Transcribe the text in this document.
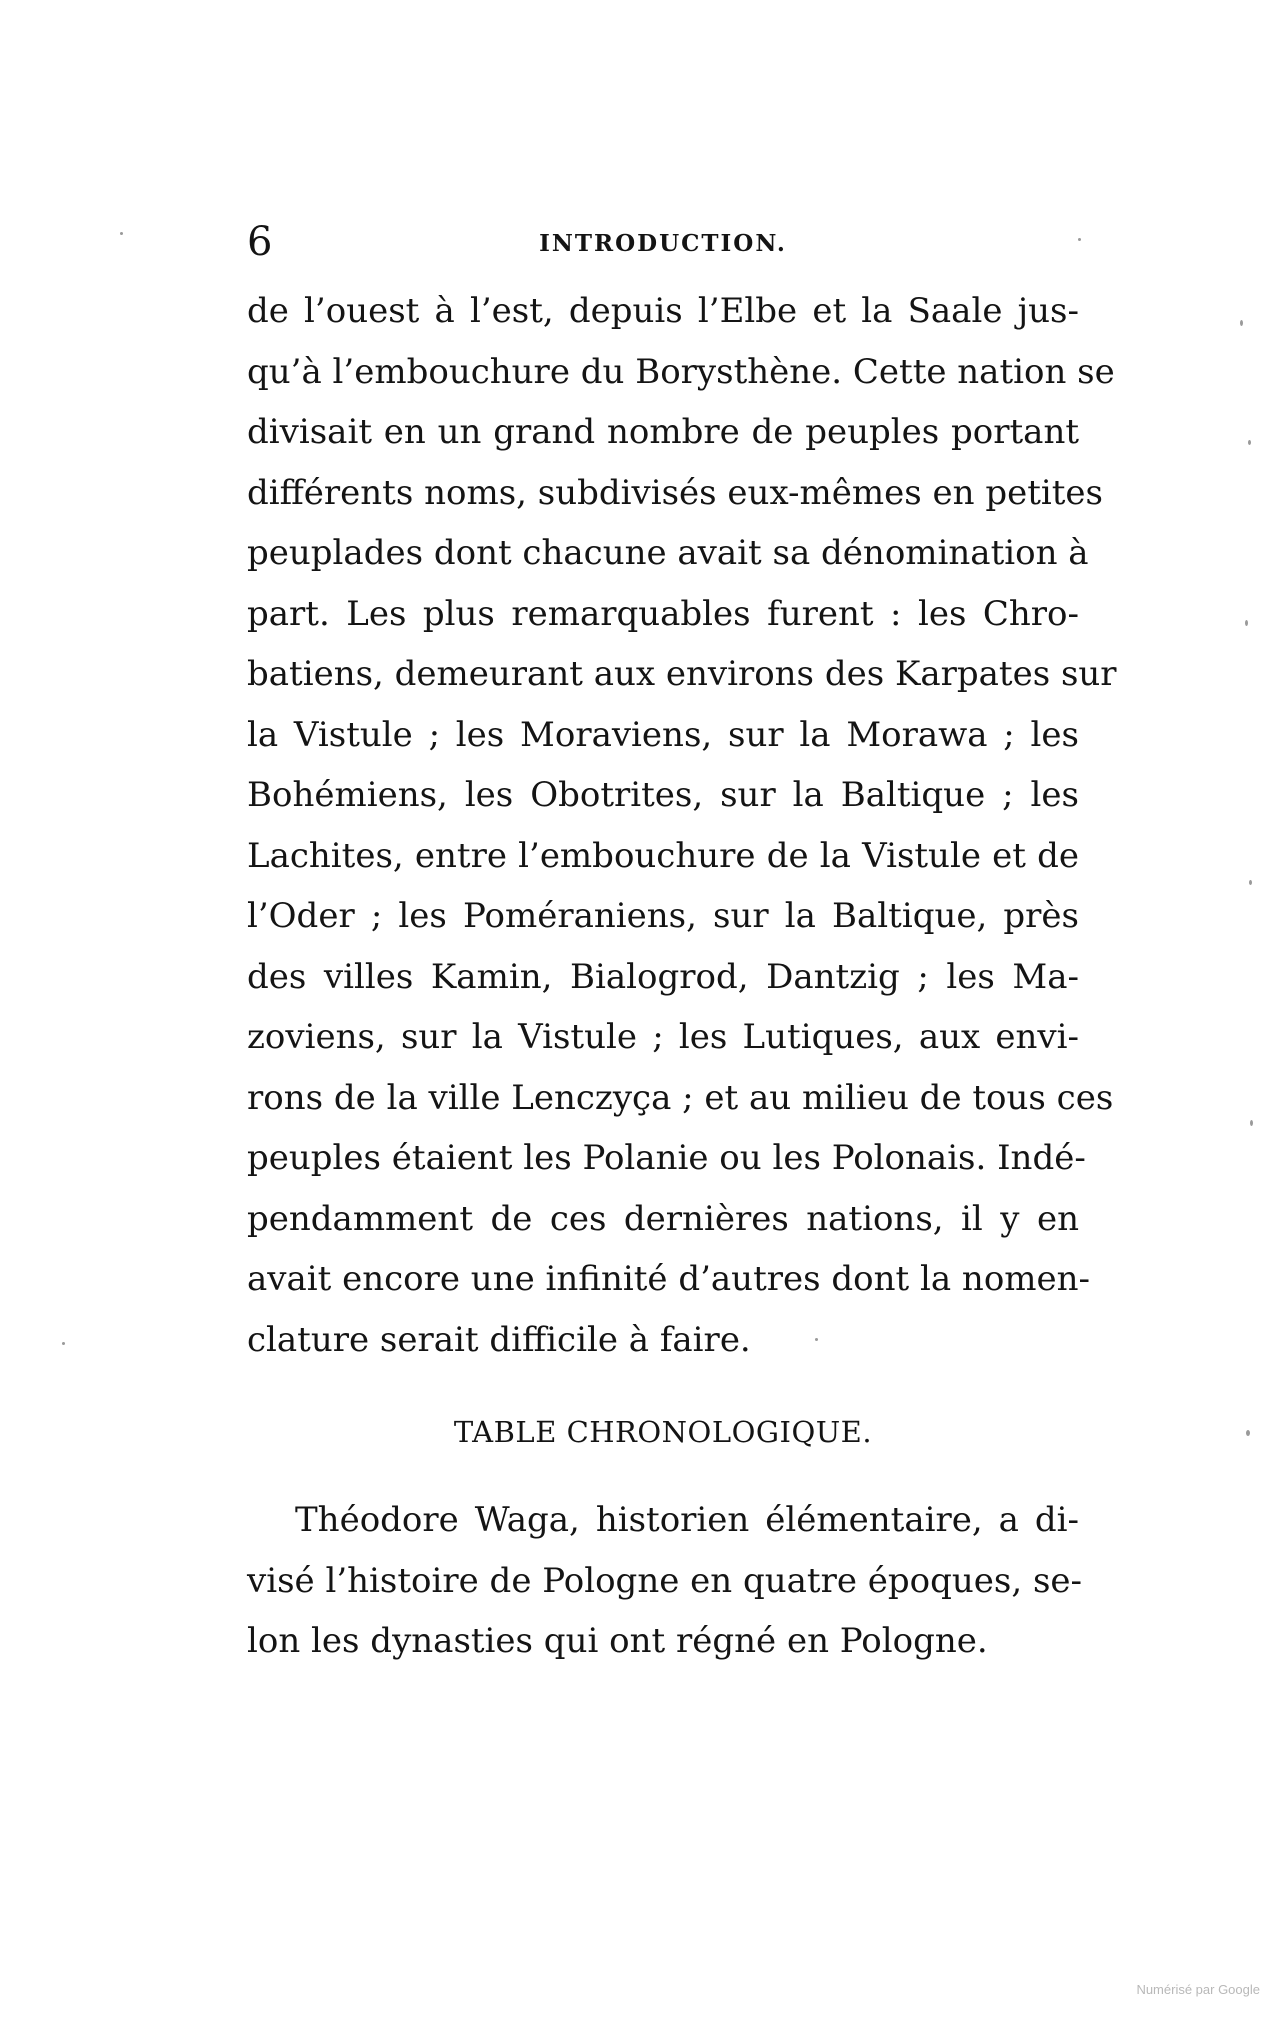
6	INTRODUCTION.
de l’ouest à l’est, depuis l’Elbe et la Saale jus-
qu’à l’embouchure du Borysthène. Cette nation se
divisait en un grand nombre de peuples portant
différents noms, subdivisés eux-mêmes en petites
peuplades dont chacune avait sa dénomination à
part. Les plus remarquables furent : les Chro-
batiens, demeurant aux environs des Karpates sur
la Vistule ; les Moraviens, sur la Morawa ; les
Bohémiens, les Obotrites, sur la Baltique ; les
Lachites, entre l’embouchure de la Vistule et de
l’Oder ; les Poméraniens, sur la Baltique, près
des villes Kamin, Bialogrod, Dantzig ; les Ma-
zoviens, sur la Vistule ; les Lutiques, aux envi-
rons de la ville Lenczyça ; et au milieu de tous ces
peuples étaient les Polanie ou les Polonais. Indé-
pendamment de ces dernières nations, il y en
avait encore une infinité d’autres dont la nomen-
clature serait difficile à faire.
TABLE CHRONOLOGIQUE.
Théodore Waga, historien élémentaire, a di-
visé l’histoire de Pologne en quatre époques, se-
lon les dynasties qui ont régné en Pologne.
Numérisé par Google
